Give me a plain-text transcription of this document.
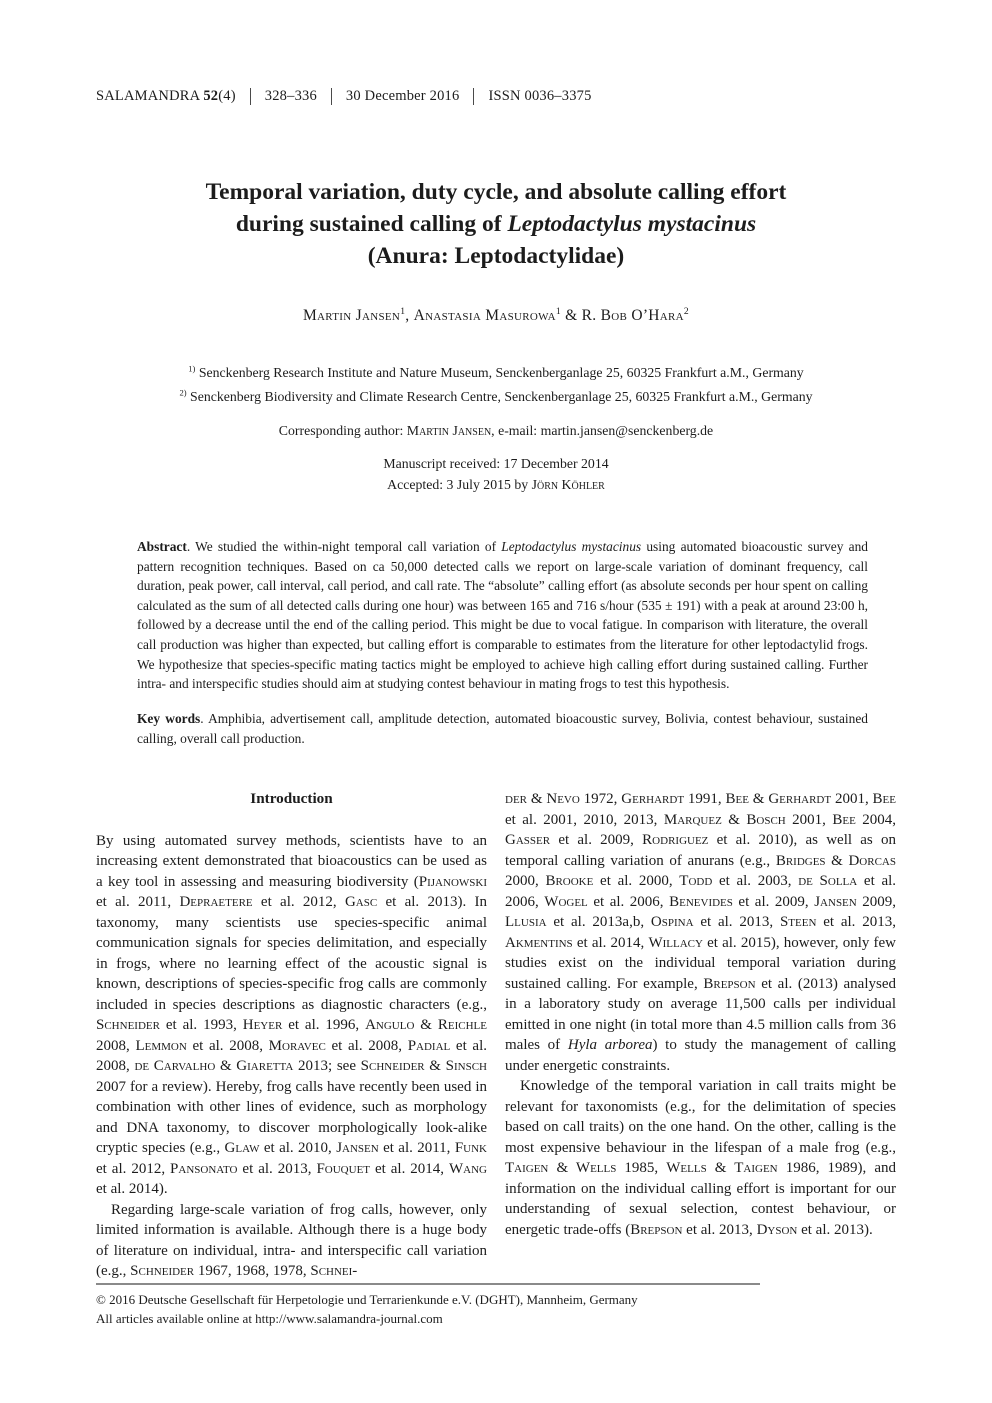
SALAMANDRA 52(4) 328–336 30 December 2016 ISSN 0036–3375
Temporal variation, duty cycle, and absolute calling effort
during sustained calling of Leptodactylus mystacinus
(Anura: Leptodactylidae)
Martin Jansen$^1$, Anastasia Masurowa$^1$ & R. Bob O’Hara$^2$
$^{1)}$ Senckenberg Research Institute and Nature Museum, Senckenberganlage 25, 60325 Frankfurt a.M., Germany
$^{2)}$ Senckenberg Biodiversity and Climate Research Centre, Senckenberganlage 25, 60325 Frankfurt a.M., Germany
Corresponding author: Martin Jansen, e-mail: martin.jansen@senckenberg.de
Manuscript received: 17 December 2014
Accepted: 3 July 2015 by Jörn Köhler
Abstract. We studied the within-night temporal call variation of Leptodactylus mystacinus using automated bioacoustic survey and pattern recognition techniques. Based on ca 50,000 detected calls we report on large-scale variation of dominant frequency, call duration, peak power, call interval, call period, and call rate. The “absolute” calling effort (as absolute seconds per hour spent on calling calculated as the sum of all detected calls during one hour) was between 165 and 716 s/hour (535 ± 191) with a peak at around 23:00 h, followed by a decrease until the end of the calling period. This might be due to vocal fatigue. In comparison with literature, the overall call production was higher than expected, but calling effort is comparable to estimates from the literature for other leptodactylid frogs. We hypothesize that species-specific mating tactics might be employed to achieve high calling effort during sustained calling. Further intra- and interspecific studies should aim at studying contest behaviour in mating frogs to test this hypothesis.
Key words. Amphibia, advertisement call, amplitude detection, automated bioacoustic survey, Bolivia, contest behaviour, sustained calling, overall call production.
Introduction

By using automated survey methods, scientists have to an increasing extent demonstrated that bioacoustics can be used as a key tool in assessing and measuring biodiversity (Pijanowski et al. 2011, Depraetere et al. 2012, Gasc et al. 2013). In taxonomy, many scientists use species-specific animal communication signals for species delimitation, and especially in frogs, where no learning effect of the acoustic signal is known, descriptions of species-specific frog calls are commonly included in species descriptions as diagnostic characters (e.g., Schneider et al. 1993, Heyer et al. 1996, Angulo & Reichle 2008, Lemmon et al. 2008, Moravec et al. 2008, Padial et al. 2008, de Carvalho & Giaretta 2013; see Schneider & Sinsch 2007 for a review). Hereby, frog calls have recently been used in combination with other lines of evidence, such as morphology and DNA taxonomy, to discover morphologically look-alike cryptic species (e.g., Glaw et al. 2010, Jansen et al. 2011, Funk et al. 2012, Pansonato et al. 2013, Fouquet et al. 2014, Wang et al. 2014).

Regarding large-scale variation of frog calls, however, only limited information is available. Although there is a huge body of literature on individual, intra- and interspecific call variation (e.g., Schneider 1967, 1968, 1978, Schnei-

der & Nevo 1972, Gerhardt 1991, Bee & Gerhardt 2001, Bee et al. 2001, 2010, 2013, Marquez & Bosch 2001, Bee 2004, Gasser et al. 2009, Rodriguez et al. 2010), as well as on temporal calling variation of anurans (e.g., Bridges & Dorcas 2000, Brooke et al. 2000, Todd et al. 2003, de Solla et al. 2006, Wogel et al. 2006, Benevides et al. 2009, Jansen 2009, Llusia et al. 2013a,b, Ospina et al. 2013, Steen et al. 2013, Akmentins et al. 2014, Willacy et al. 2015), however, only few studies exist on the individual temporal variation during sustained calling. For example, Brepson et al. (2013) analysed in a laboratory study on average 11,500 calls per individual emitted in one night (in total more than 4.5 million calls from 36 males of Hyla arborea) to study the management of calling under energetic constraints.

Knowledge of the temporal variation in call traits might be relevant for taxonomists (e.g., for the delimitation of species based on call traits) on the one hand. On the other, calling is the most expensive behaviour in the lifespan of a male frog (e.g., Taigen & Wells 1985, Wells & Taigen 1986, 1989), and information on the individual calling effort is important for our understanding of sexual selection, contest behaviour, or energetic trade-offs (Brepson et al. 2013, Dyson et al. 2013).

© 2016 Deutsche Gesellschaft für Herpetologie und Terrarienkunde e.V. (DGHT), Mannheim, Germany
All articles available online at http://www.salamandra-journal.com
